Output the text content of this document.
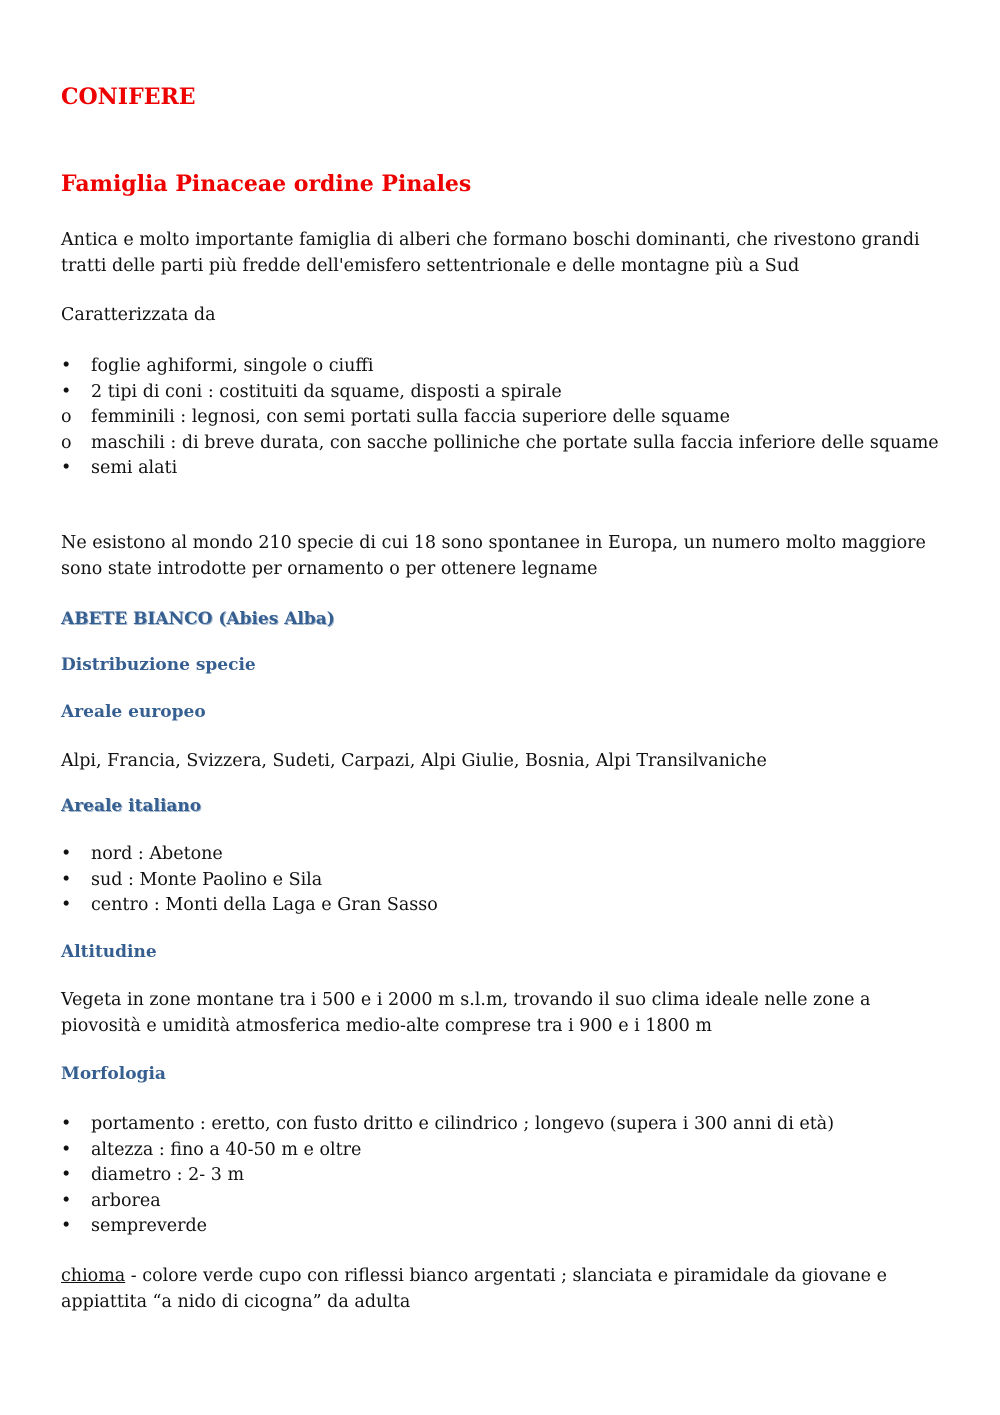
CONIFERE
Famiglia Pinaceae ordine Pinales

Antica e molto importante famiglia di alberi che formano boschi dominanti, che rivestono grandi tratti delle parti più fredde dell'emisfero settentrionale e delle montagne più a Sud

Caratterizzata da

•	foglie aghiformi, singole o ciuffi
•	2 tipi di coni : costituiti da squame, disposti a spirale
o	femminili : legnosi, con semi portati sulla faccia superiore delle squame
o	maschili : di breve durata, con sacche polliniche che portate sulla faccia inferiore delle squame
•	semi alati

Ne esistono al mondo 210 specie di cui 18 sono spontanee in Europa, un numero molto maggiore sono state introdotte per ornamento o per ottenere legname

ABETE BIANCO (Abies Alba)
Distribuzione specie
Areale europeo

Alpi, Francia, Svizzera, Sudeti, Carpazi, Alpi Giulie, Bosnia, Alpi Transilvaniche

Areale italiano
•	nord : Abetone
•	sud : Monte Paolino e Sila
•	centro : Monti della Laga e Gran Sasso
Altitudine

Vegeta in zone montane tra i 500 e i 2000 m s.l.m, trovando il suo clima ideale nelle zone a piovosità e umidità atmosferica medio-alte comprese tra i 900 e i 1800 m

Morfologia
•	portamento : eretto, con fusto dritto e cilindrico ; longevo (supera i 300 anni di età)
•	altezza : fino a 40-50 m e oltre
•	diametro : 2- 3 m
•	arborea
•	sempreverde

chioma - colore verde cupo con riflessi bianco argentati ; slanciata e piramidale da giovane e appiattita “a nido di cicogna” da adulta
